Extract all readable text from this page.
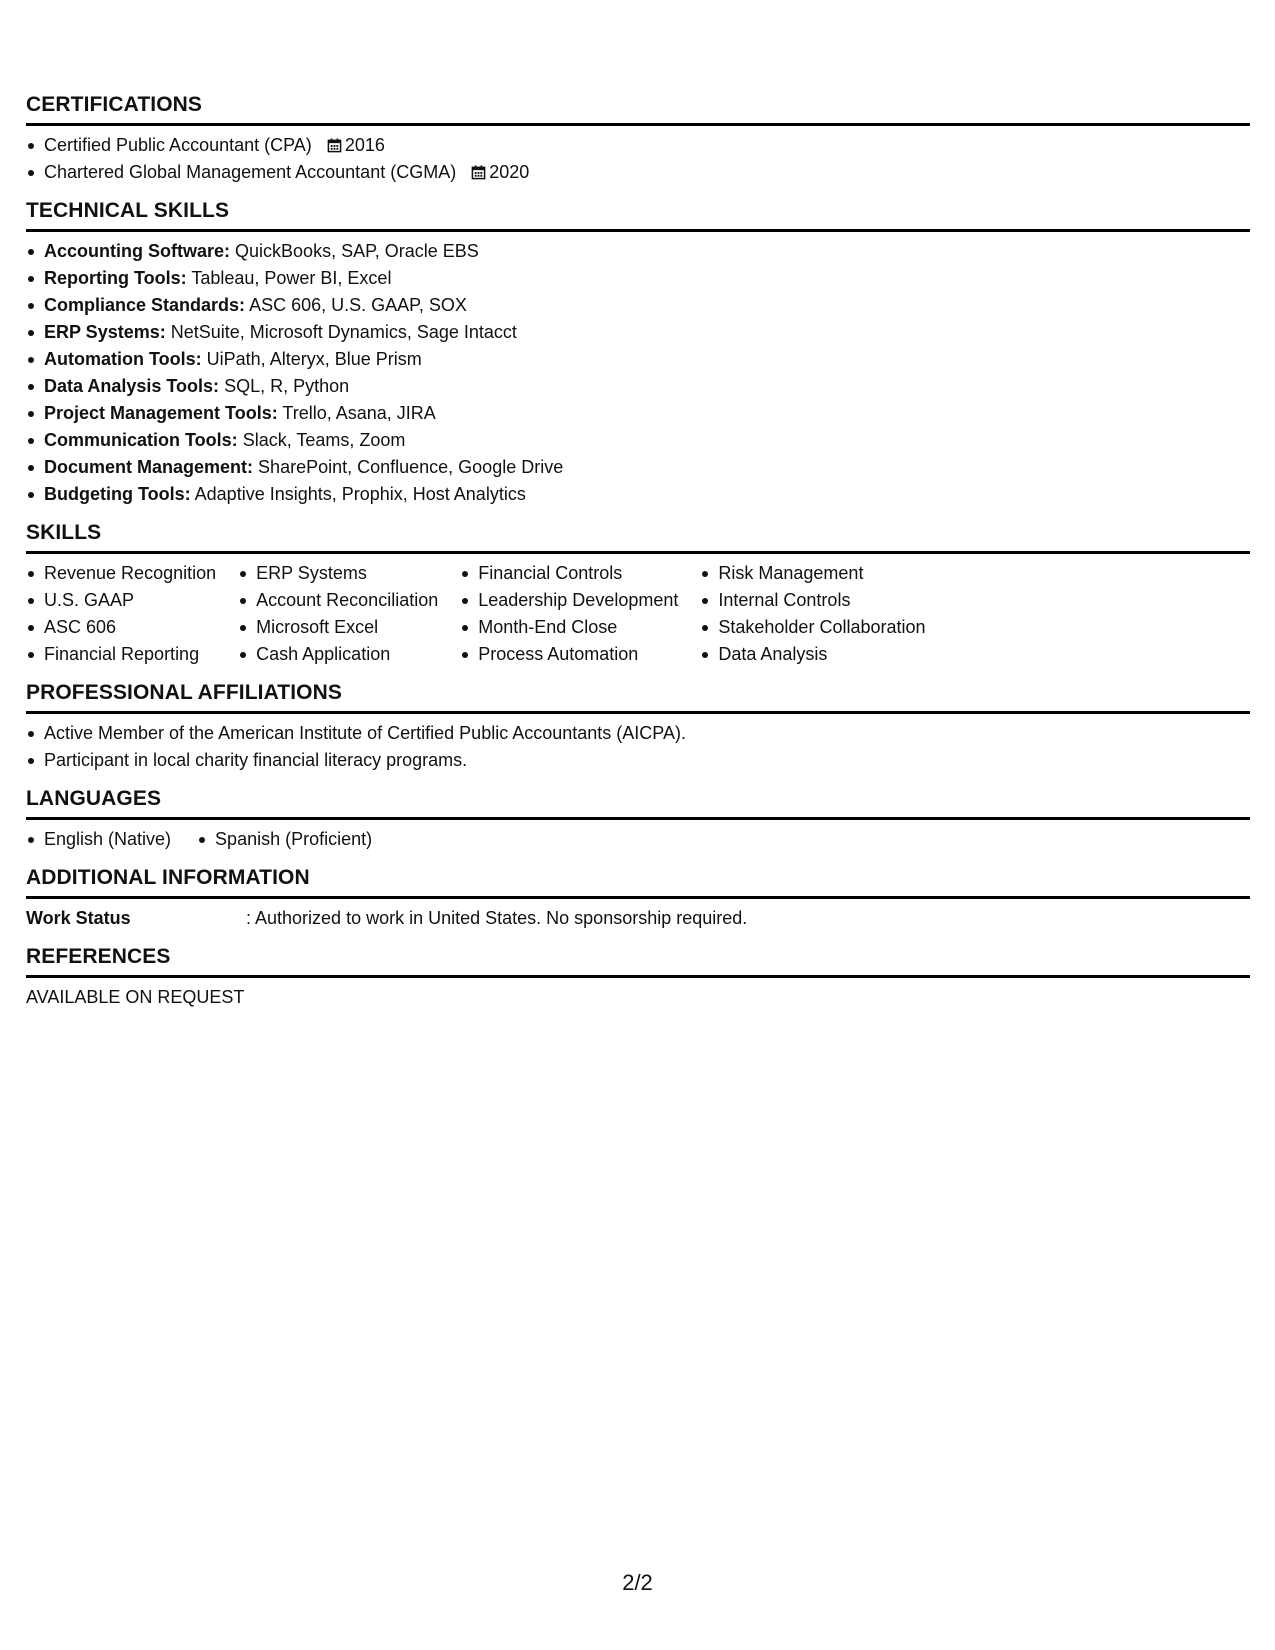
CERTIFICATIONS
Certified Public Accountant (CPA) 2016
Chartered Global Management Accountant (CGMA) 2020
TECHNICAL SKILLS
Accounting Software: QuickBooks, SAP, Oracle EBS
Reporting Tools: Tableau, Power BI, Excel
Compliance Standards: ASC 606, U.S. GAAP, SOX
ERP Systems: NetSuite, Microsoft Dynamics, Sage Intacct
Automation Tools: UiPath, Alteryx, Blue Prism
Data Analysis Tools: SQL, R, Python
Project Management Tools: Trello, Asana, JIRA
Communication Tools: Slack, Teams, Zoom
Document Management: SharePoint, Confluence, Google Drive
Budgeting Tools: Adaptive Insights, Prophix, Host Analytics
SKILLS
Revenue Recognition
U.S. GAAP
ASC 606
Financial Reporting
ERP Systems
Account Reconciliation
Microsoft Excel
Cash Application
Financial Controls
Leadership Development
Month-End Close
Process Automation
Risk Management
Internal Controls
Stakeholder Collaboration
Data Analysis
PROFESSIONAL AFFILIATIONS
Active Member of the American Institute of Certified Public Accountants (AICPA).
Participant in local charity financial literacy programs.
LANGUAGES
English (Native)	Spanish (Proficient)
ADDITIONAL INFORMATION
Work Status	: Authorized to work in United States. No sponsorship required.
REFERENCES
AVAILABLE ON REQUEST
2/2
